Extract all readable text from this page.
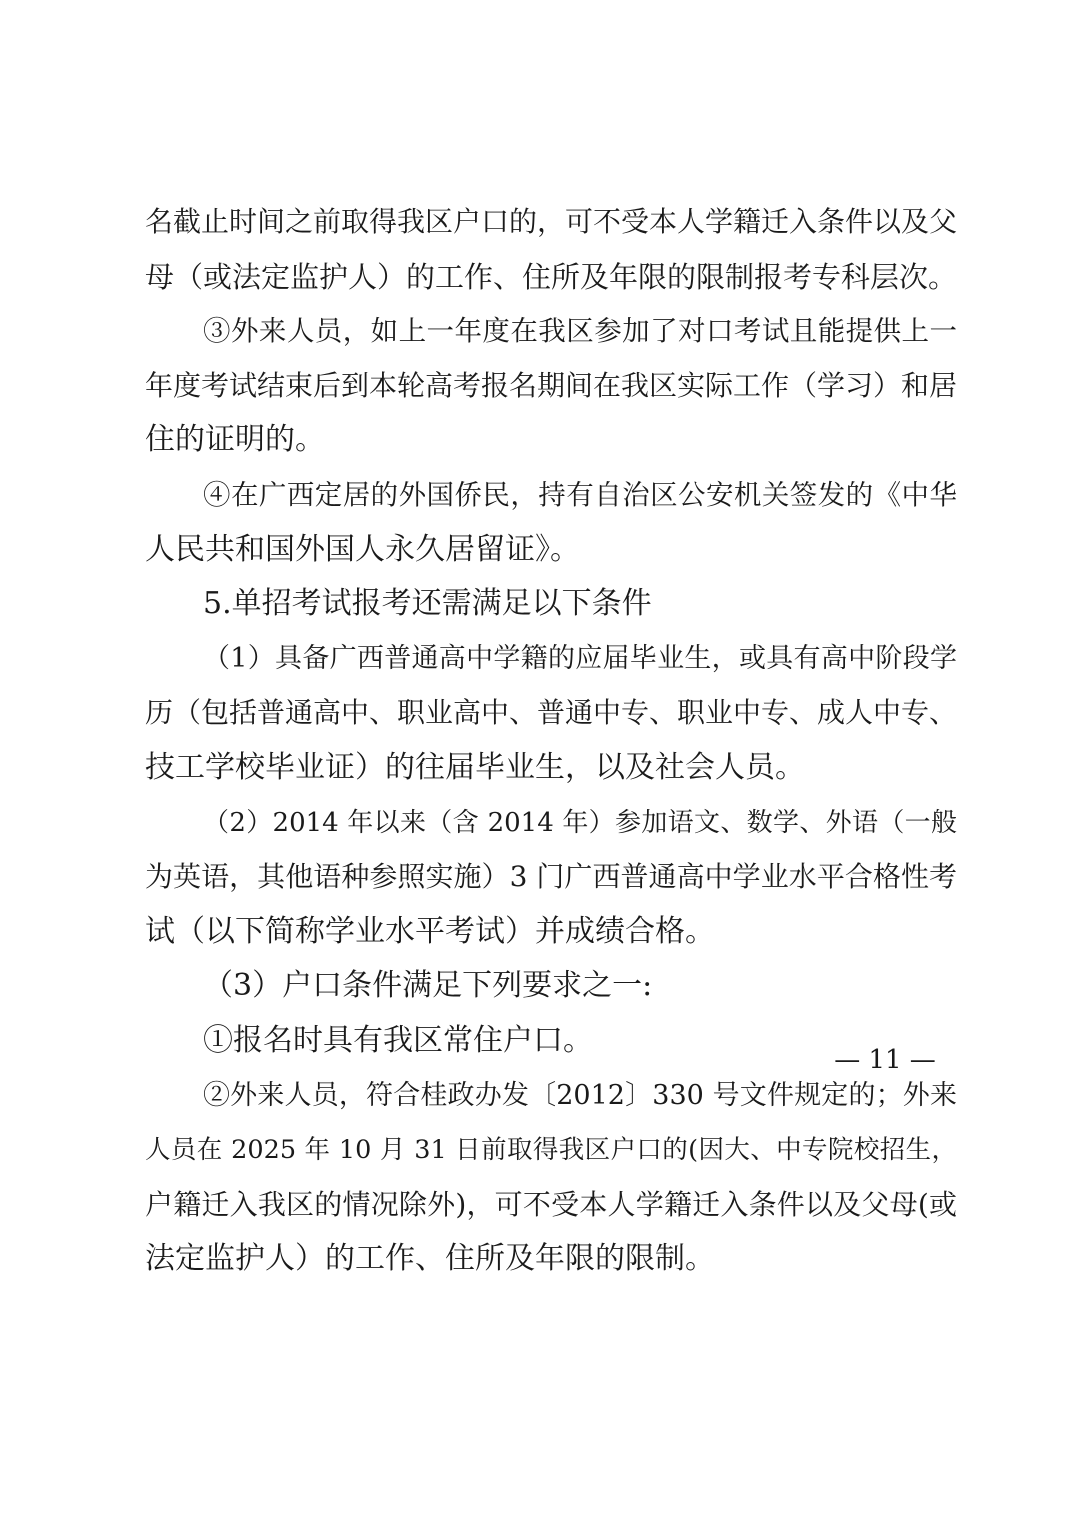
名截止时间之前取得我区户口的，可不受本人学籍迁入条件以及父
母（或法定监护人）的工作、住所及年限的限制报考专科层次。
③外来人员，如上一年度在我区参加了对口考试且能提供上一
年度考试结束后到本轮高考报名期间在我区实际工作（学习）和居
住的证明的。
④在广西定居的外国侨民，持有自治区公安机关签发的《中华
人民共和国外国人永久居留证》。
5.单招考试报考还需满足以下条件
（1）具备广西普通高中学籍的应届毕业生，或具有高中阶段学
历（包括普通高中、职业高中、普通中专、职业中专、成人中专、
技工学校毕业证）的往届毕业生，以及社会人员。
（2）2014 年以来（含 2014 年）参加语文、数学、外语（一般
为英语，其他语种参照实施）3 门广西普通高中学业水平合格性考
试（以下简称学业水平考试）并成绩合格。
（3）户口条件满足下列要求之一:
①报名时具有我区常住户口。
②外来人员，符合桂政办发〔2012〕330 号文件规定的；外来
人员在 2025 年 10 月 31 日前取得我区户口的(因大、中专院校招生，
户籍迁入我区的情况除外)，可不受本人学籍迁入条件以及父母(或
法定监护人）的工作、住所及年限的限制。
— 11 —
